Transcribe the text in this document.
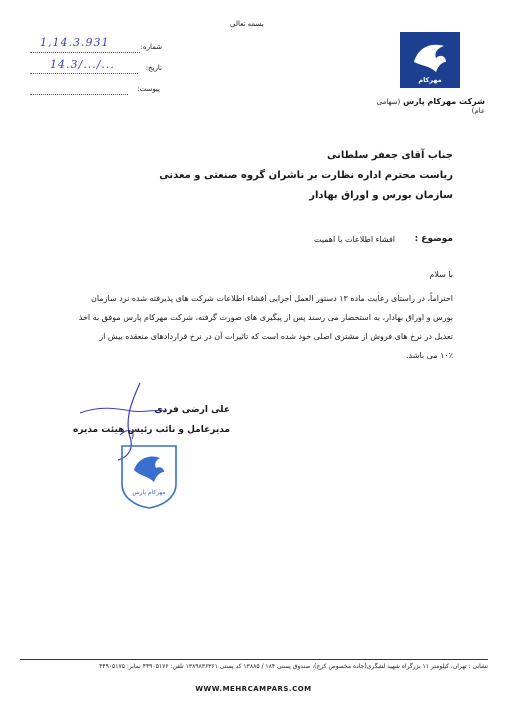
بسمه تعالی
شماره:
1,14.3.931
تاریخ:
14.3/.../...
پیوست:
مهرکام
شرکت مهرکام پارس (سهامی عام)
جناب آقای جعفر سلطانی
ریاست محترم اداره نظارت بر ناشران گروه صنعتی و معدنی
سازمان بورس و اوراق بهادار
موضوع :
افشاء اطلاعات با اهمیت
با سلام
احتراماً، در راستای رعایت ماده ۱۳ دستور العمل اجرایی افشاء اطلاعات شرکت های پذیرفته شده نزد سازمان
بورس و اوراق بهادار، به استحضار می رسند پس از پیگیری های صورت گرفته، شرکت مهرکام پارس موفق به اخذ
تعدیل در نرخ های فروش از مشتری اصلی خود شده است که تاثیرات آن در نرخ قراردادهای منعقده بیش از
۱۰٪ می باشد.
علی ارضی فردی
مدیرعامل و نائب رئیس هیئت مدیره
مهرکام پارس
نشانی : تهران، کیلومتر ۱۱ بزرگراه شهید لشگری(جاده مخصوص کرج)، صندوق پستی ۱۸۴ / ۱۳۸۸۵ کد پستی ۱۳۸۹۸۳۶۳۶۱ تلفن: ۴۴۹۰۵۱۷۶ نمابر: ۴۴۹۰۵۱۷۵
WWW.MEHRCAMPARS.COM
